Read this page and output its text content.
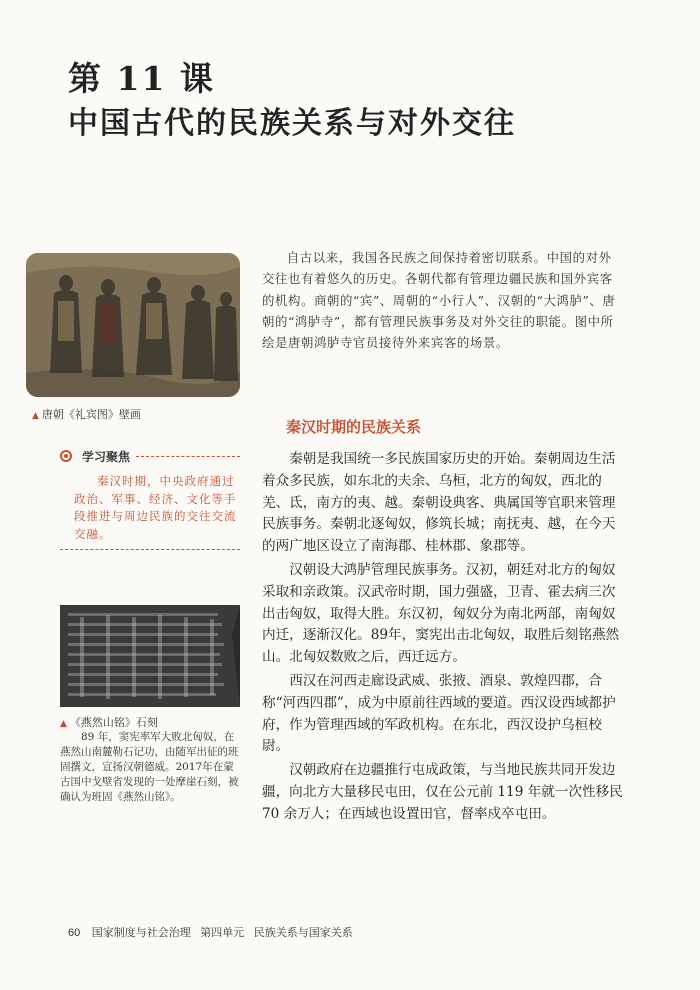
第 11 课
中国古代的民族关系与对外交往
▲ 唐朝《礼宾图》壁画

自古以来，我国各民族之间保持着密切联系。中国的对外交往也有着悠久的历史。各朝代都有管理边疆民族和国外宾客的机构。商朝的“宾”、周朝的“小行人”、汉朝的“大鸿胪”、唐朝的“鸿胪寺”，都有管理民族事务及对外交往的职能。图中所绘是唐朝鸿胪寺官员接待外来宾客的场景。

学习聚焦

秦汉时期，中央政府通过政治、军事、经济、文化等手段推进与周边民族的交往交流交融。

秦汉时期的民族关系

秦朝是我国统一多民族国家历史的开始。秦朝周边生活着众多民族，如东北的夫余、乌桓，北方的匈奴，西北的羌、氐，南方的夷、越。秦朝设典客、典属国等官职来管理民族事务。秦朝北逐匈奴，修筑长城；南抚夷、越，在今天的两广地区设立了南海郡、桂林郡、象郡等。

汉朝设大鸿胪管理民族事务。汉初，朝廷对北方的匈奴采取和亲政策。汉武帝时期，国力强盛，卫青、霍去病三次出击匈奴，取得大胜。东汉初，匈奴分为南北两部，南匈奴内迁，逐渐汉化。89年，窦宪出击北匈奴，取胜后刻铭燕然山。北匈奴数败之后，西迁远方。

西汉在河西走廊设武威、张掖、酒泉、敦煌四郡，合称“河西四郡”，成为中原前往西域的要道。西汉设西域都护府，作为管理西域的军政机构。在东北，西汉设护乌桓校尉。

汉朝政府在边疆推行屯成政策，与当地民族共同开发边疆，向北方大量移民屯田，仅在公元前 119 年就一次性移民 70 余万人；在西域也设置田官，督率戍卒屯田。

▲ 《燕然山铭》石刻

89 年，窦宪率军大败北匈奴，在燕然山南麓勒石记功，由随军出征的班固撰文，宣扬汉朝德威。2017年在蒙古国中戈壁省发现的一处摩崖石刻，被确认为班固《燕然山铭》。

60 国家制度与社会治理 第四单元 民族关系与国家关系
